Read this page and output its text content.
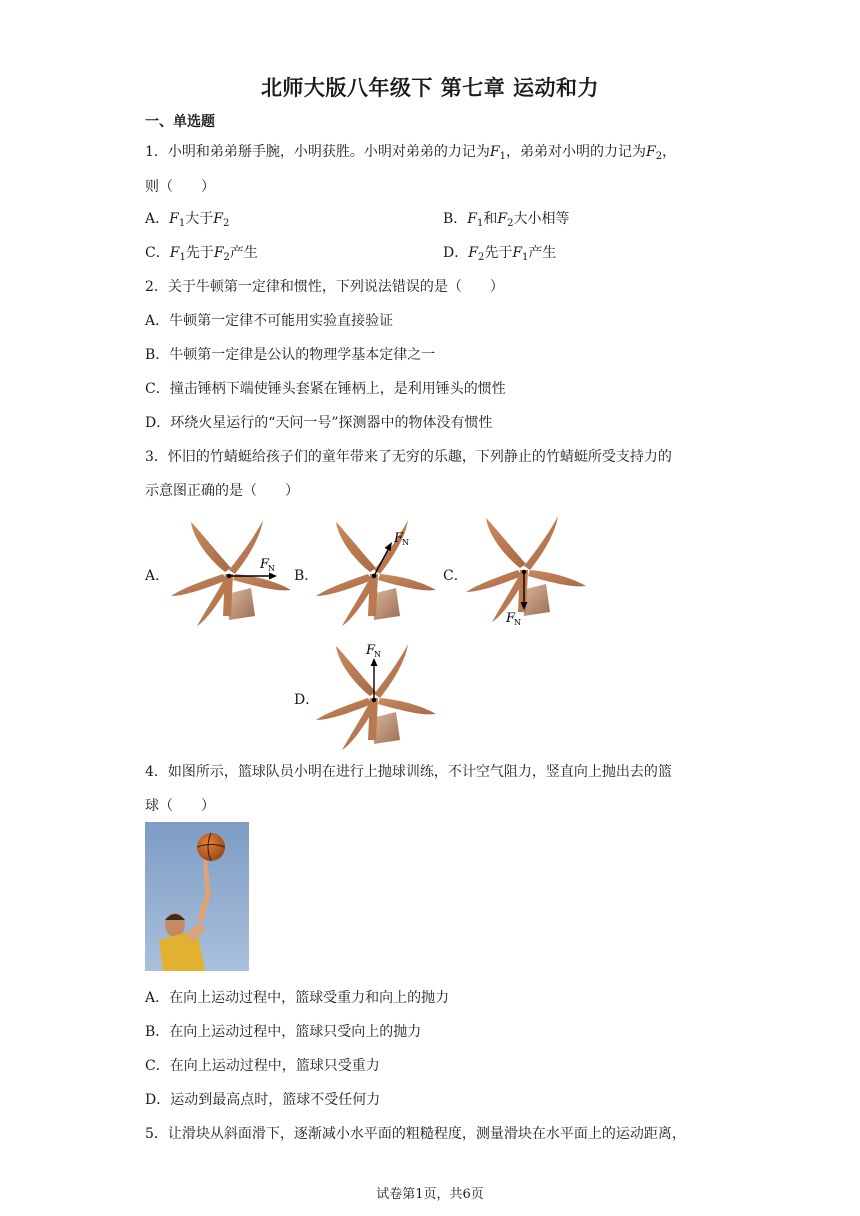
北师大版八年级下 第七章 运动和力
一、单选题
1．小明和弟弟掰手腕，小明获胜。小明对弟弟的力记为$F_1$，弟弟对小明的力记为$F_2$，
则（　　）
A．$F_1$大于$F_2$	B．$F_1$和$F_2$大小相等
C．$F_1$先于$F_2$产生	D．$F_2$先于$F_1$产生
2．关于牛顿第一定律和惯性，下列说法错误的是（　　）
A．牛顿第一定律不可能用实验直接验证
B．牛顿第一定律是公认的物理学基本定律之一
C．撞击锤柄下端使锤头套紧在锤柄上，是利用锤头的惯性
D．环绕火星运行的“天问一号”探测器中的物体没有惯性
3．怀旧的竹蜻蜓给孩子们的童年带来了无穷的乐趣，下列静止的竹蜻蜓所受支持力的
示意图正确的是（　　）
A．
F
N B．
F
N
C．
F
N
D．
F
N
4．如图所示，篮球队员小明在进行上抛球训练，不计空气阻力，竖直向上抛出去的篮
球（　　）
A．在向上运动过程中，篮球受重力和向上的抛力
B．在向上运动过程中，篮球只受向上的抛力
C．在向上运动过程中，篮球只受重力
D．运动到最高点时，篮球不受任何力
5．让滑块从斜面滑下，逐渐减小水平面的粗糙程度，测量滑块在水平面上的运动距离，
试卷第1页，共6页
